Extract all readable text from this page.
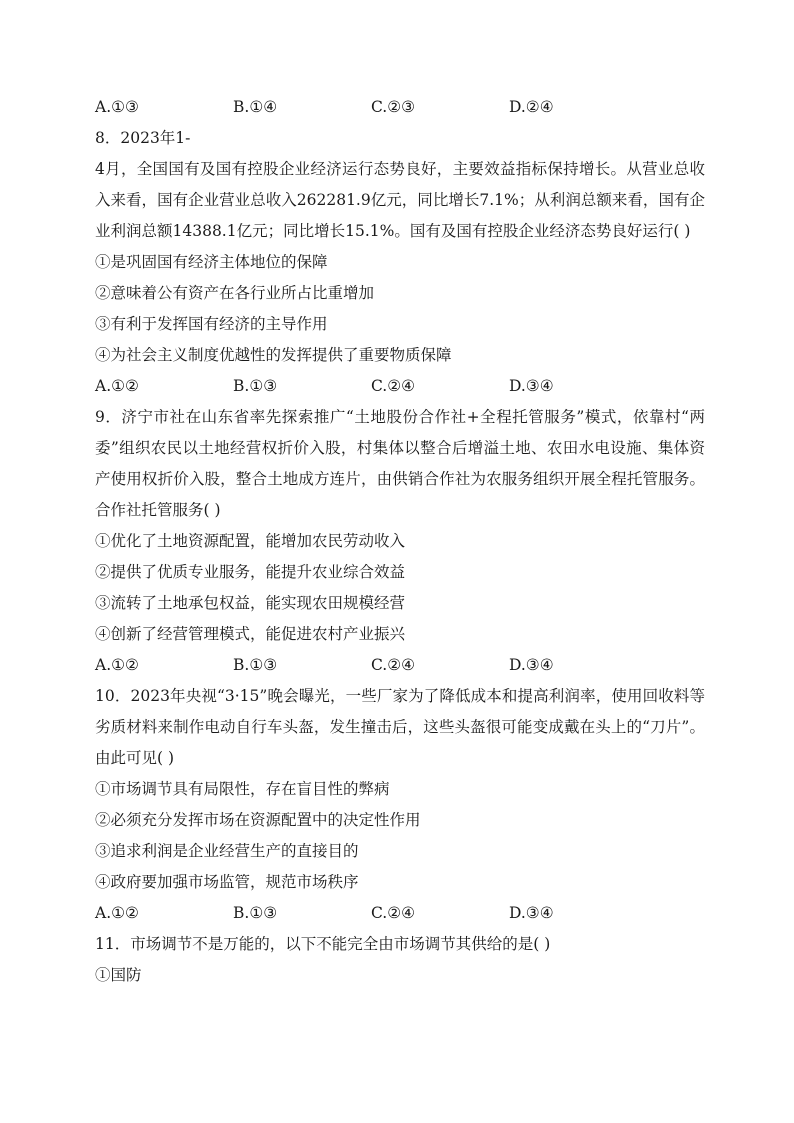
A.①③	B.①④	C.②③	D.②④
8．2023年1-
4月，全国国有及国有控股企业经济运行态势良好，主要效益指标保持增长。从营业总收入来看，国有企业营业总收入262281.9亿元，同比增长7.1%；从利润总额来看，国有企业利润总额14388.1亿元；同比增长15.1%。国有及国有控股企业经济态势良好运行( )
①是巩固国有经济主体地位的保障
②意味着公有资产在各行业所占比重增加
③有利于发挥国有经济的主导作用
④为社会主义制度优越性的发挥提供了重要物质保障
A.①②	B.①③	C.②④	D.③④
9．济宁市社在山东省率先探索推广“土地股份合作社+全程托管服务”模式，依靠村“两委”组织农民以土地经营权折价入股，村集体以整合后增溢土地、农田水电设施、集体资产使用权折价入股，整合土地成方连片，由供销合作社为农服务组织开展全程托管服务。合作社托管服务( )
①优化了土地资源配置，能增加农民劳动收入
②提供了优质专业服务，能提升农业综合效益
③流转了土地承包权益，能实现农田规模经营
④创新了经营管理模式，能促进农村产业振兴
A.①②	B.①③	C.②④	D.③④
10．2023年央视“3·15”晚会曝光，一些厂家为了降低成本和提高利润率，使用回收料等劣质材料来制作电动自行车头盔，发生撞击后，这些头盔很可能变成戴在头上的“刀片”。由此可见( )
①市场调节具有局限性，存在盲目性的弊病
②必须充分发挥市场在资源配置中的决定性作用
③追求利润是企业经营生产的直接目的
④政府要加强市场监管，规范市场秩序
A.①②	B.①③	C.②④	D.③④
11．市场调节不是万能的，以下不能完全由市场调节其供给的是( )
①国防
